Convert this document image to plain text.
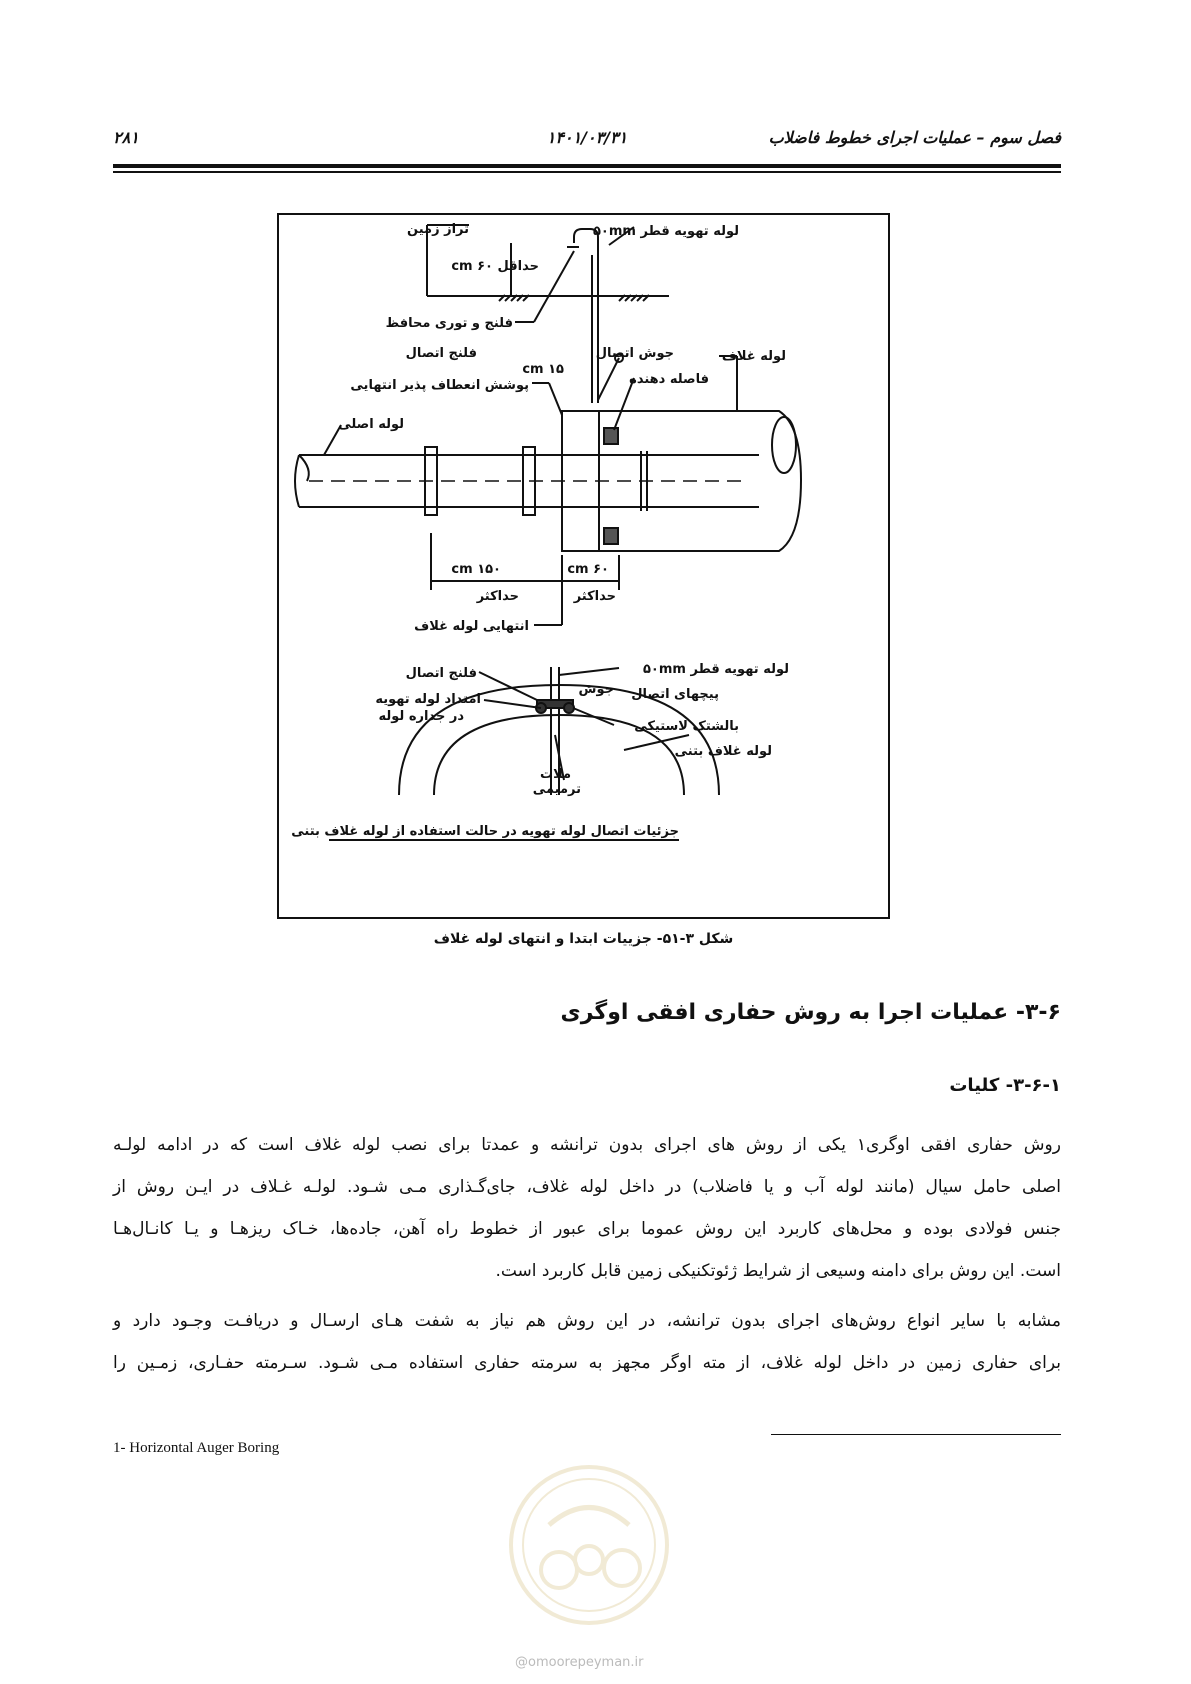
فصل سوم – عملیات اجرای خطوط فاضلاب
۱۴۰۱/۰۳/۳۱
۲۸۱
تراز زمین	لوله تهویه قطر ۵۰mm
۶۰ cm حداقل
فلنج و توری محافظ
جوش اتصال	لوله غلاف
فلنج اتصال
۱۵ cm
فاصله دهنده
پوشش انعطاف پذیر انتهایی
لوله اصلی
۱۵۰ cm	۶۰ cm
حداکثر	حداکثر
انتهایی لوله غلاف
فلنج اتصال	لوله تهویه قطر ۵۰mm
جوش پیچهای اتصال
امتداد لوله تهویه
در جداره لوله
بالشتک لاستیکی
لوله غلاف بتنی
ملات
ترمیمی
جزئیات اتصال لوله تهویه در حالت استفاده از لوله غلاف بتنی
شکل ۳-۵۱- جزییات ابتدا و انتهای لوله غلاف
۳-۶- عملیات اجرا به روش حفاری افقی اوگری
۳-۶-۱- کلیات
روش حفاری افقی اوگری۱ یکی از روش های اجرای بدون ترانشه و عمدتا برای نصب لوله غلاف است که در ادامه لولـه
اصلی حامل سیال (مانند لوله آب و یا فاضلاب) در داخل لوله غلاف، جای‌گـذاری مـی شـود. لولـه غـلاف در ایـن روش از
جنس فولادی بوده و محل‌های کاربرد این روش عموما برای عبور از خطوط راه آهن، جاده‌ها، خـاک ریزهـا و یـا کانـال‌هـا
است. این روش برای دامنه وسیعی از شرایط ژئوتکنیکی زمین قابل کاربرد است.
مشابه با سایر انواع روش‌های اجرای بدون ترانشه، در این روش هم نیاز به شفت هـای ارسـال و دریافـت وجـود دارد و
برای حفاری زمین در داخل لوله غلاف، از مته اوگر مجهز به سرمته حفاری استفاده مـی شـود. سـرمته حفـاری، زمـین را
1- Horizontal Auger Boring
@omoorepeyman.ir
